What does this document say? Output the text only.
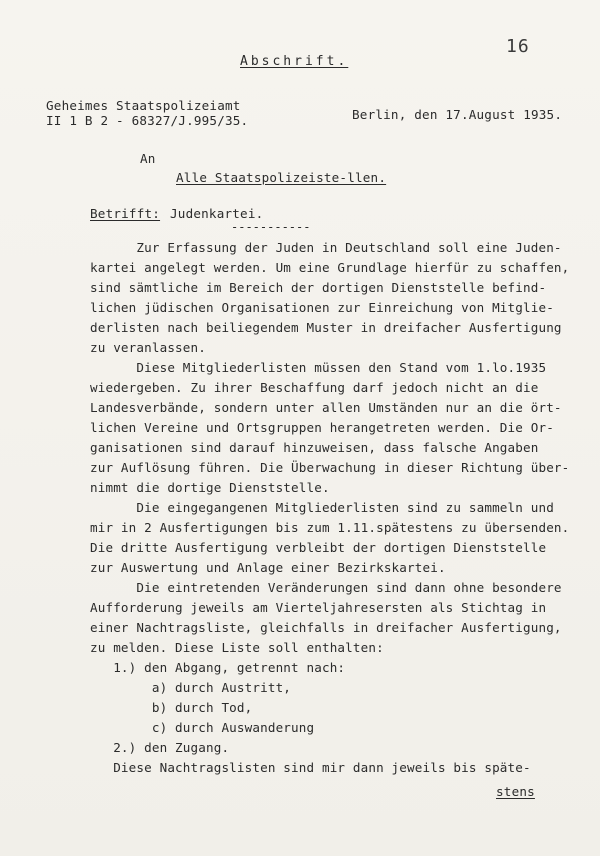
16
Abschrift.
Geheimes Staatspolizeiamt
II 1 B 2 - 68327/J.995/35.	Berlin, den 17.August 1935.
An
Alle Staatspolizeiste-llen.
Betrifft: Judenkartei.
-----------

Zur Erfassung der Juden in Deutschland soll eine Juden-

kartei angelegt werden. Um eine Grundlage hierfür zu schaffen,

sind sämtliche im Bereich der dortigen Dienststelle befind-

lichen jüdischen Organisationen zur Einreichung von Mitglie-

derlisten nach beiliegendem Muster in dreifacher Ausfertigung

zu veranlassen.

Diese Mitgliederlisten müssen den Stand vom 1.lo.1935

wiedergeben. Zu ihrer Beschaffung darf jedoch nicht an die

Landesverbände, sondern unter allen Umständen nur an die ört-

lichen Vereine und Ortsgruppen herangetreten werden. Die Or-

ganisationen sind darauf hinzuweisen, dass falsche Angaben

zur Auflösung führen. Die Überwachung in dieser Richtung über-

nimmt die dortige Dienststelle.

Die eingegangenen Mitgliederlisten sind zu sammeln und

mir in 2 Ausfertigungen bis zum 1.11.spätestens zu übersenden.

Die dritte Ausfertigung verbleibt der dortigen Dienststelle

zur Auswertung und Anlage einer Bezirkskartei.

Die eintretenden Veränderungen sind dann ohne besondere

Aufforderung jeweils am Vierteljahresersten als Stichtag in

einer Nachtragsliste, gleichfalls in dreifacher Ausfertigung,

zu melden. Diese Liste soll enthalten:

1.) den Abgang, getrennt nach:

a) durch Austritt,

b) durch Tod,

c) durch Auswanderung

2.) den Zugang.

Diese Nachtragslisten sind mir dann jeweils bis späte-

stens
